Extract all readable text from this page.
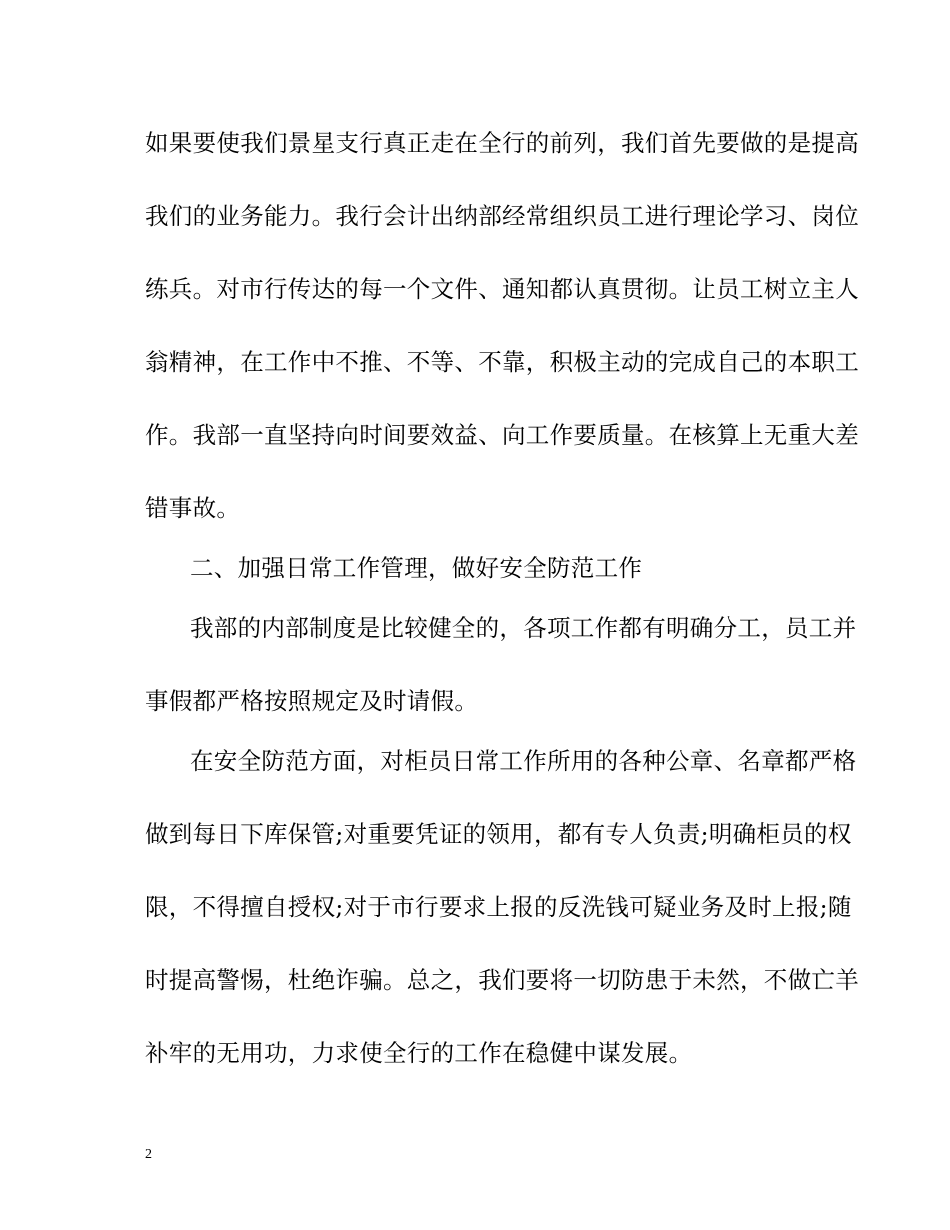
如果要使我们景星支行真正走在全行的前列，我们首先要做的是提高
我们的业务能力。我行会计出纳部经常组织员工进行理论学习、岗位
练兵。对市行传达的每一个文件、通知都认真贯彻。让员工树立主人
翁精神，在工作中不推、不等、不靠，积极主动的完成自己的本职工
作。我部一直坚持向时间要效益、向工作要质量。在核算上无重大差
错事故。
二、加强日常工作管理，做好安全防范工作
我部的内部制度是比较健全的，各项工作都有明确分工，员工并
事假都严格按照规定及时请假。
在安全防范方面，对柜员日常工作所用的各种公章、名章都严格
做到每日下库保管;对重要凭证的领用，都有专人负责;明确柜员的权
限，不得擅自授权;对于市行要求上报的反洗钱可疑业务及时上报;随
时提高警惕，杜绝诈骗。总之，我们要将一切防患于未然，不做亡羊
补牢的无用功，力求使全行的工作在稳健中谋发展。
2
